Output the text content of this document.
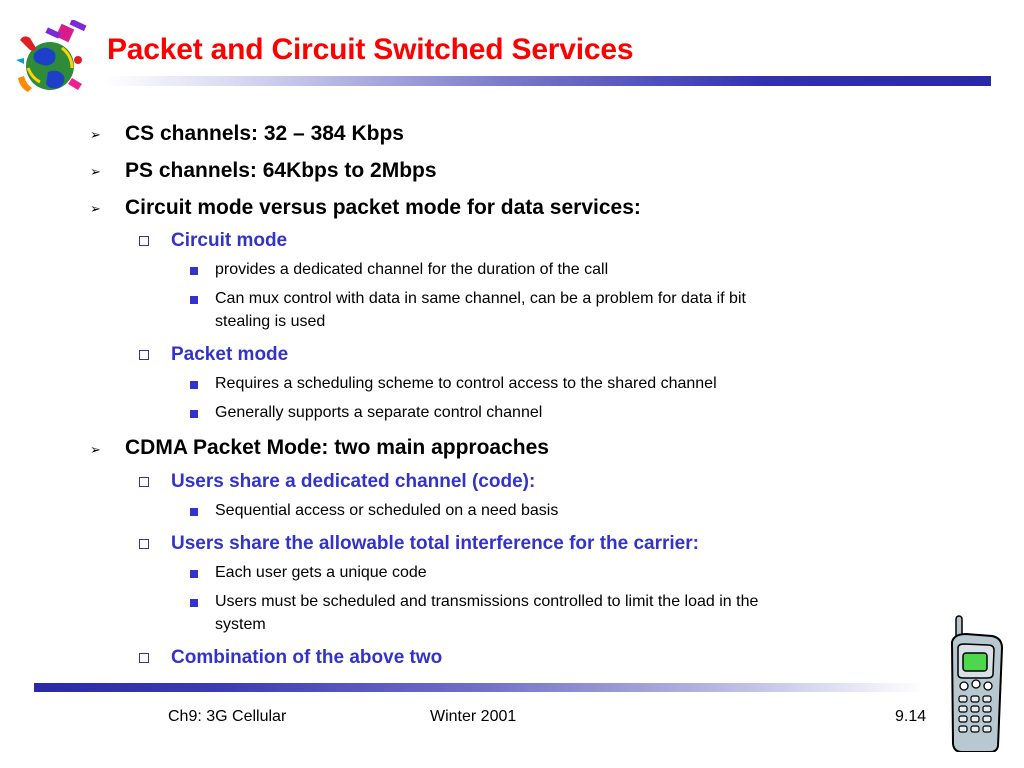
Packet and Circuit Switched Services
➢ CS channels: 32 – 384 Kbps
➢ PS channels: 64Kbps to 2Mbps
➢ Circuit mode versus packet mode for data services:
Circuit mode
provides a dedicated channel for the duration of the call
Can mux control with data in same channel, can be a problem for data if bit
stealing is used
Packet mode
Requires a scheduling scheme to control access to the shared channel
Generally supports a separate control channel
➢ CDMA Packet Mode: two main approaches
Users share a dedicated channel (code):
Sequential access or scheduled on a need basis
Users share the allowable total interference for the carrier:
Each user gets a unique code
Users must be scheduled and transmissions controlled to limit the load in the
system
Combination of the above two
Ch9: 3G Cellular	Winter 2001	9.14
